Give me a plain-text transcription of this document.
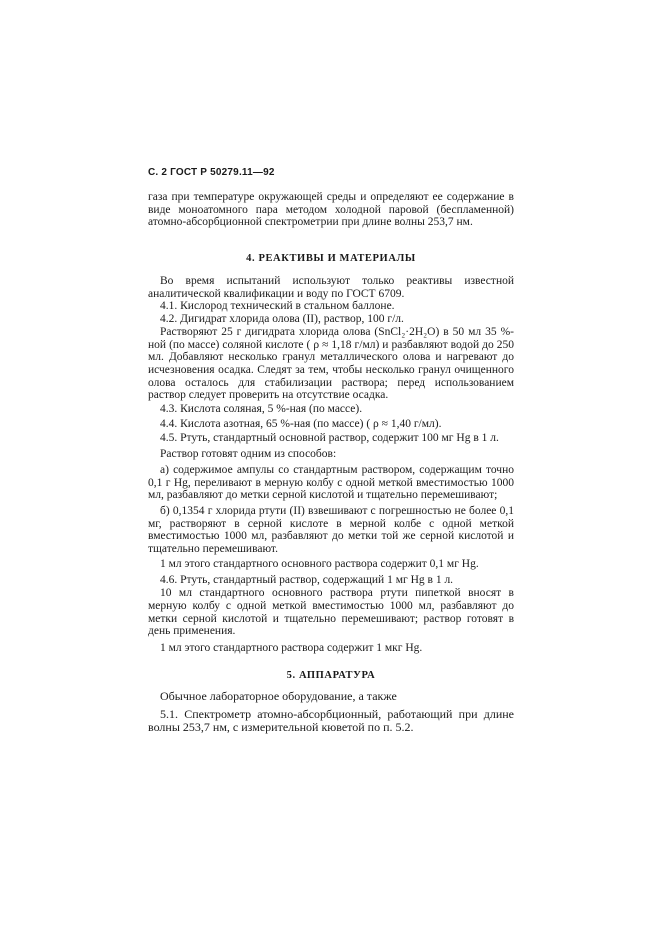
С. 2 ГОСТ Р 50279.11—92

газа при температуре окружающей среды и определяют ее содержание в виде моноатомного пара методом холодной паровой (беспламенной) атомно-абсорбционной спектрометрии при длине волны 253,7 нм.

4. РЕАКТИВЫ И МАТЕРИАЛЫ

Во время испытаний используют только реактивы известной аналитической квалификации и воду по ГОСТ 6709.

4.1. Кислород технический в стальном баллоне.

4.2. Дигидрат хлорида олова (II), раствор, 100 г/л.

Растворяют 25 г дигидрата хлорида олова (SnCl₂·2H₂O) в 50 мл 35 %-ной (по массе) соляной кислоте ( ρ ≈ 1,18 г/мл) и разбавляют водой до 250 мл. Добавляют несколько гранул металлического олова и нагревают до исчезновения осадка. Следят за тем, чтобы несколько гранул очищенного олова осталось для стабилизации раствора; перед использованием раствор следует проверить на отсутствие осадка.

4.3. Кислота соляная, 5 %-ная (по массе).

4.4. Кислота азотная, 65 %-ная (по массе) ( ρ ≈ 1,40 г/мл).

4.5. Ртуть, стандартный основной раствор, содержит 100 мг Hg в 1 л.

Раствор готовят одним из способов:

а) содержимое ампулы со стандартным раствором, содержащим точно 0,1 г Hg, переливают в мерную колбу с одной меткой вместимостью 1000 мл, разбавляют до метки серной кислотой и тщательно перемешивают;

б) 0,1354 г хлорида ртути (II) взвешивают с погрешностью не более 0,1 мг, растворяют в серной кислоте в мерной колбе с одной меткой вместимостью 1000 мл, разбавляют до метки той же серной кислотой и тщательно перемешивают.

1 мл этого стандартного основного раствора содержит 0,1 мг Hg.

4.6. Ртуть, стандартный раствор, содержащий 1 мг Hg в 1 л.

10 мл стандартного основного раствора ртути пипеткой вносят в мерную колбу с одной меткой вместимостью 1000 мл, разбавляют до метки серной кислотой и тщательно перемешивают; раствор готовят в день применения.

1 мл этого стандартного раствора содержит 1 мкг Hg.

5. АППАРАТУРА

Обычное лабораторное оборудование, а также

5.1. Спектрометр атомно-абсорбционный, работающий при длине волны 253,7 нм, с измерительной кюветой по п. 5.2.
